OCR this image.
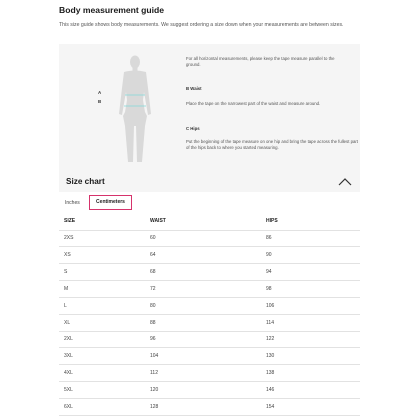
Body measurement guide
This size guide shows body measurements. We suggest ordering a size down when your measurements are between sizes.
A
B
For all horizontal measurements, please keep the tape measure parallel to the ground.
B Waist
Place the tape on the narrowest part of the waist and measure around.
C Hips
Put the beginning of the tape measure on one hip and bring the tape across the fullest part of the hips back to where you started measuring.
Size chart
Inches	Centimeters
SIZE	WAIST	HIPS
2XS	60	86
XS	64	90
S	68	94
M	72	98
L	80	106
XL	88	114
2XL	96	122
3XL	104	130
4XL	112	138
5XL	120	146
6XL	128	154
